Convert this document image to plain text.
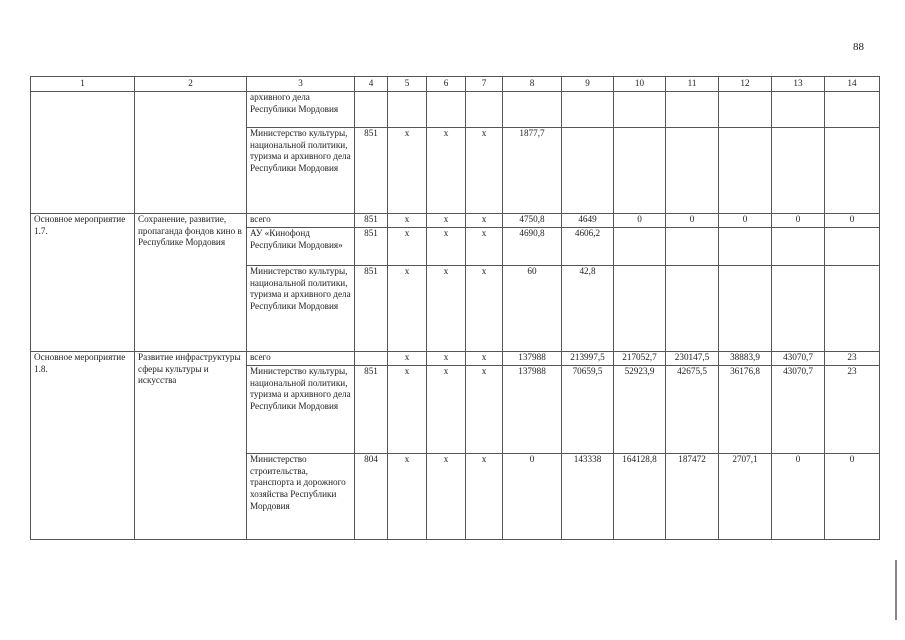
88
1	2	3	4	5	6	7	8	9	10	11	12	13	14
		архивного дела Республики Мордовия											
		Министерство культуры, национальной политики, туризма и архивного дела Республики Мордовия	851	х	х	х	1877,7						
Основное мероприятие 1.7.	Сохранение, развитие, пропаганда фондов кино в Республике Мордовия	всего	851	х	х	х	4750,8	4649	0	0	0	0	0
		АУ «Кинофонд Республики Мордовия»	851	х	х	х	4690,8	4606,2					
		Министерство культуры, национальной политики, туризма и архивного дела Республики Мордовия	851	х	х	х	60	42,8					
Основное мероприятие 1.8.	Развитие инфраструктуры сферы культуры и искусства	всего		х	х	х	137988	213997,5	217052,7	230147,5	38883,9	43070,7	23
		Министерство культуры, национальной политики, туризма и архивного дела Республики Мордовия	851	х	х	х	137988	70659,5	52923,9	42675,5	36176,8	43070,7	23
		Министерство строительства, транспорта и дорожного хозяйства Республики Мордовия	804	х	х	х	0	143338	164128,8	187472	2707,1	0	0
